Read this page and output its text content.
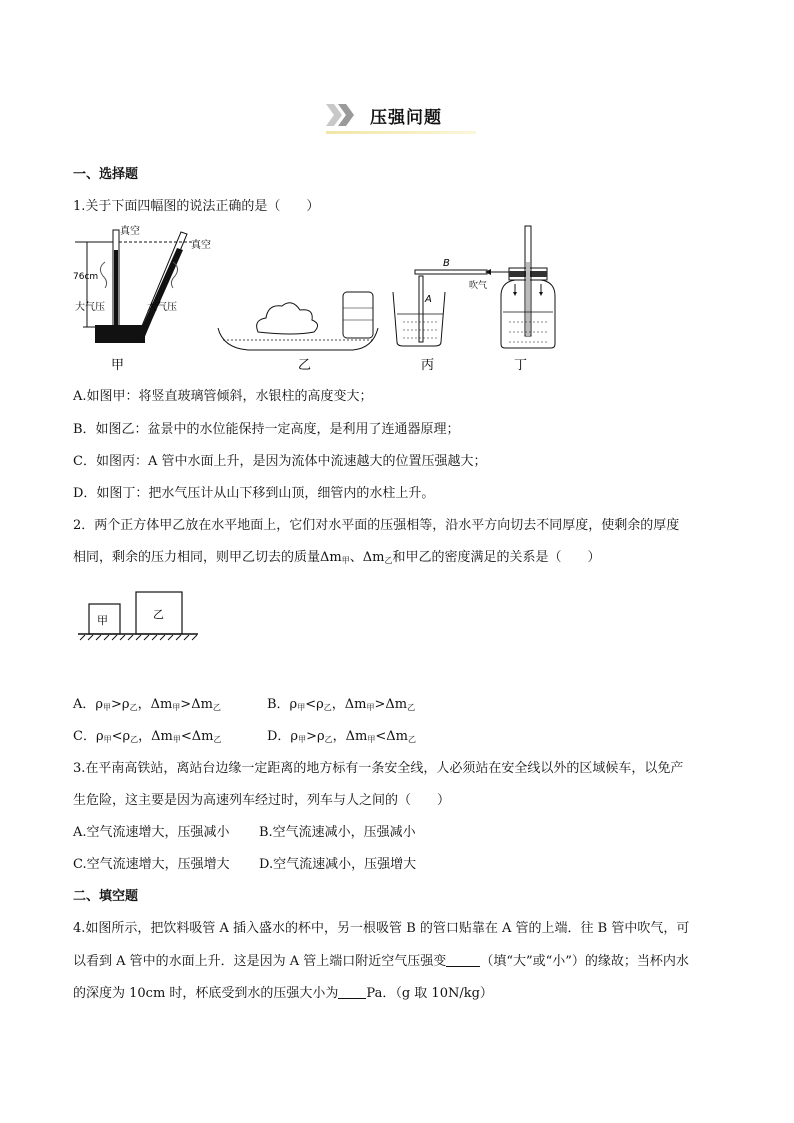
压强问题
一、选择题
1.关于下面四幅图的说法正确的是（　　）
真空
真空
76cm
大气压	大气压
甲	乙
B
A
吹气
丙	丁
A.如图甲：将竖直玻璃管倾斜，水银柱的高度变大；
B．如图乙：盆景中的水位能保持一定高度，是利用了连通器原理；
C．如图丙：A 管中水面上升，是因为流体中流速越大的位置压强越大；
D．如图丁：把水气压计从山下移到山顶，细管内的水柱上升。
2．两个正方体甲乙放在水平地面上，它们对水平面的压强相等，沿水平方向切去不同厚度，使剩余的厚度
相同，剩余的压力相同，则甲乙切去的质量$\Delta m_甲$、$\Delta m_乙$和甲乙的密度满足的关系是（　　）
甲	乙
A．$\rho_甲>\rho_乙$，$\Delta m_甲>\Delta m_乙$	B．$\rho_甲<\rho_乙$，$\Delta m_甲>\Delta m_乙$
C．$\rho_甲<\rho_乙$，$\Delta m_甲<\Delta m_乙$	D．$\rho_甲>\rho_乙$，$\Delta m_甲<\Delta m_乙$
3.在平南高铁站，离站台边缘一定距离的地方标有一条安全线，人必须站在安全线以外的区域候车，以免产
生危险，这主要是因为高速列车经过时，列车与人之间的（　　）
A.空气流速增大，压强减小 B.空气流速减小，压强减小
C.空气流速增大，压强增大 D.空气流速减小，压强增大
二、填空题
4.如图所示，把饮料吸管 A 插入盛水的杯中，另一根吸管 B 的管口贴靠在 A 管的上端．往 B 管中吹气，可
以看到 A 管中的水面上升．这是因为 A 管上端口附近空气压强变	（填“大”或“小”）的缘故；当杯内水
的深度为 10cm 时，杯底受到水的压强大小为 Pa．（g 取 10N/kg）
